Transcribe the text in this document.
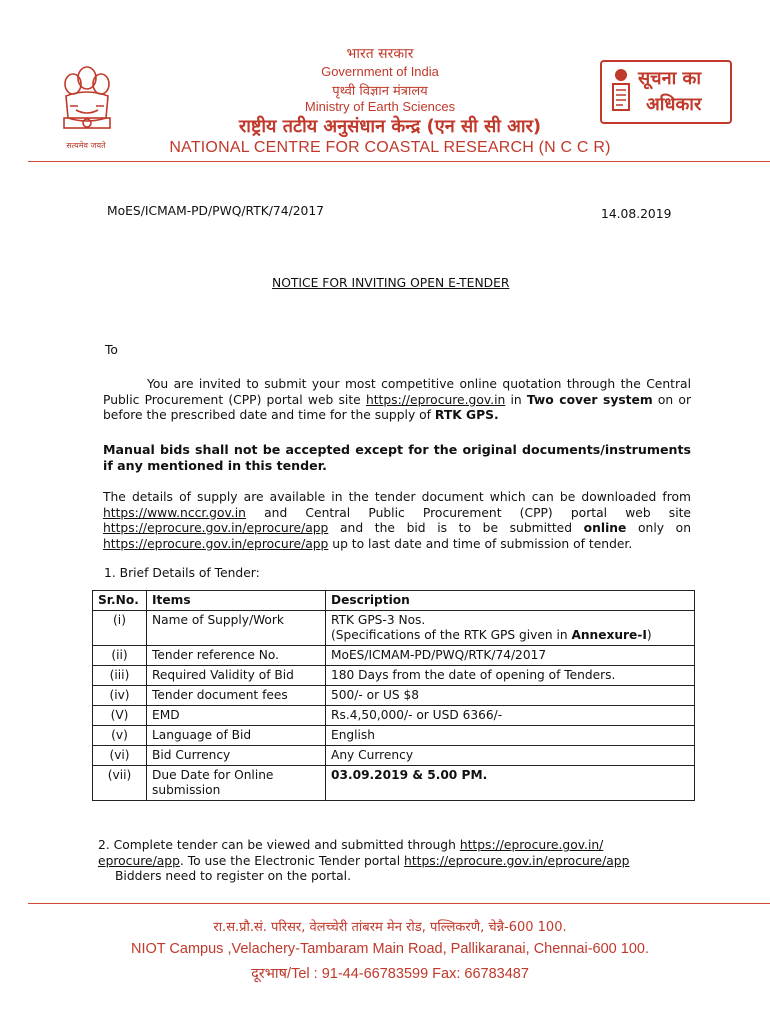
सत्यमेव जयते
भारत सरकार
Government of India
पृथ्वी विज्ञान मंत्रालय
Ministry of Earth Sciences
राष्ट्रीय तटीय अनुसंधान केन्द्र (एन सी सी आर)
NATIONAL CENTRE FOR COASTAL RESEARCH (N C C R)
सूचना का
अधिकार
MoES/ICMAM-PD/PWQ/RTK/74/2017	14.08.2019
NOTICE FOR INVITING OPEN E-TENDER
To
You are invited to submit your most competitive online quotation through the Central Public Procurement (CPP) portal web site https://eprocure.gov.in in Two cover system on or before the prescribed date and time for the supply of RTK GPS.
Manual bids shall not be accepted except for the original documents/instruments if any mentioned in this tender.
The details of supply are available in the tender document which can be downloaded from https://www.nccr.gov.in and Central Public Procurement (CPP) portal web site https://eprocure.gov.in/eprocure/app and the bid is to be submitted online only on https://eprocure.gov.in/eprocure/app up to last date and time of submission of tender.
1. Brief Details of Tender:
Sr.No.	Items	Description
(i)	Name of Supply/Work	RTK GPS-3 Nos.
(Specifications of the RTK GPS given in Annexure-I)
(ii)	Tender reference No.	MoES/ICMAM-PD/PWQ/RTK/74/2017
(iii)	Required Validity of Bid	180 Days from the date of opening of Tenders.
(iv)	Tender document fees	500/- or US $8
(V)	EMD	Rs.4,50,000/- or USD 6366/-
(v)	Language of Bid	English
(vi)	Bid Currency	Any Currency
(vii)	Due Date for Online submission	03.09.2019 & 5.00 PM.
2. Complete tender can be viewed and submitted through https://eprocure.gov.in/ eprocure/app. To use the Electronic Tender portal https://eprocure.gov.in/eprocure/app
Bidders need to register on the portal.
रा.स.प्रौ.सं. परिसर, वेलच्चेरी तांबरम मेन रोड, पल्लिकरणै, चेन्नै-600 100.
NIOT Campus ,Velachery-Tambaram Main Road, Pallikaranai, Chennai-600 100.
दूरभाष/Tel : 91-44-66783599 Fax: 66783487
